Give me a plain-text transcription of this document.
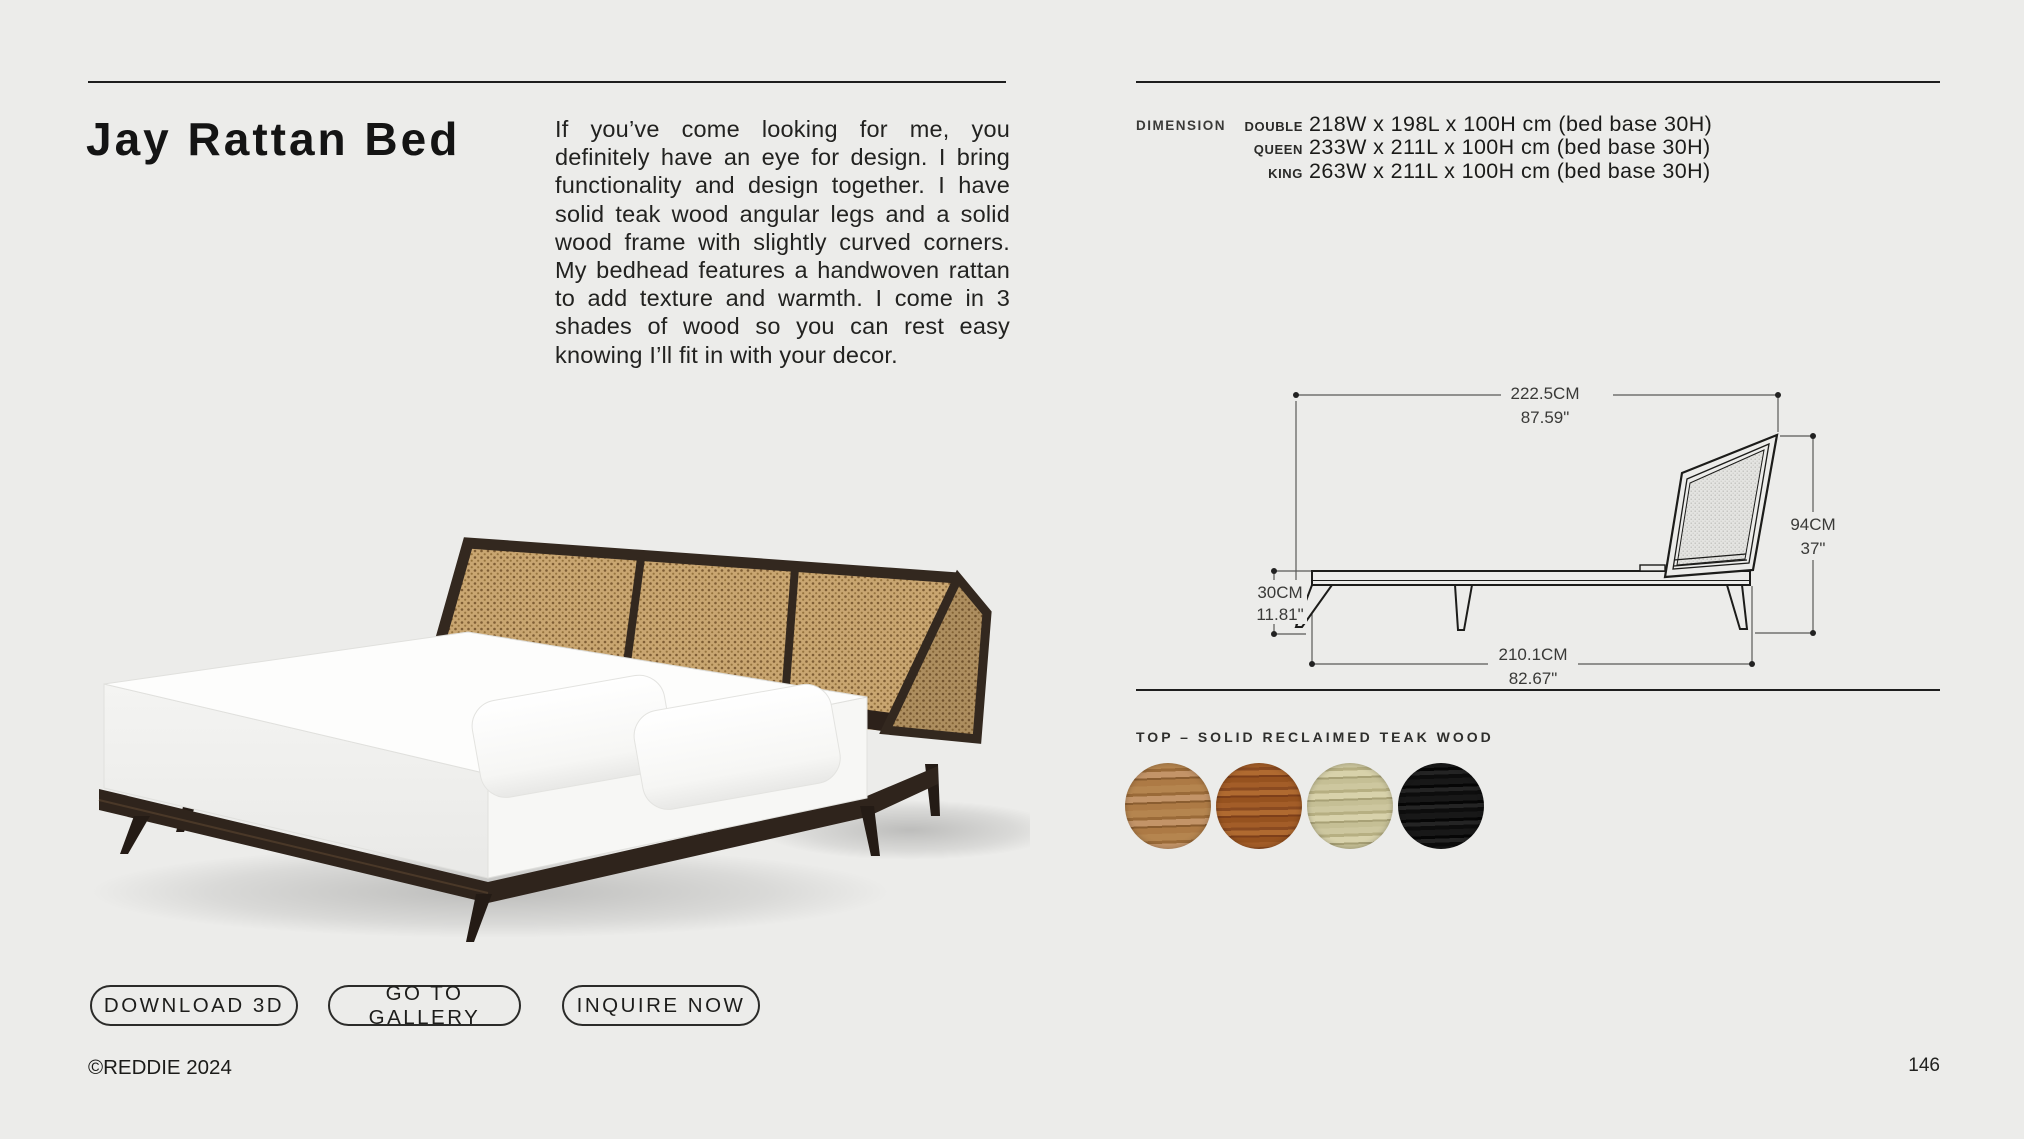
Jay Rattan Bed	If you’ve come looking for me, you definitely have an eye for design. I bring functionality and design together. I have solid teak wood angular legs and a solid wood frame with slightly curved corners. My bedhead features a handwoven rattan to add texture and warmth. I come in 3 shades of wood so you can rest easy knowing I’ll fit in with your decor.
DIMENSION	DOUBLE 218W x 198L x 100H cm (bed base 30H)
QUEEN 233W x 211L x 100H cm (bed base 30H)
KING 263W x 211L x 100H cm (bed base 30H)
222.5CM
87.59"
94CM
37"
30CM
11.81"
210.1CM
82.67"
TOP – SOLID RECLAIMED TEAK WOOD
DOWNLOAD 3D
GO TO GALLERY
INQUIRE NOW
©REDDIE 2024	146
